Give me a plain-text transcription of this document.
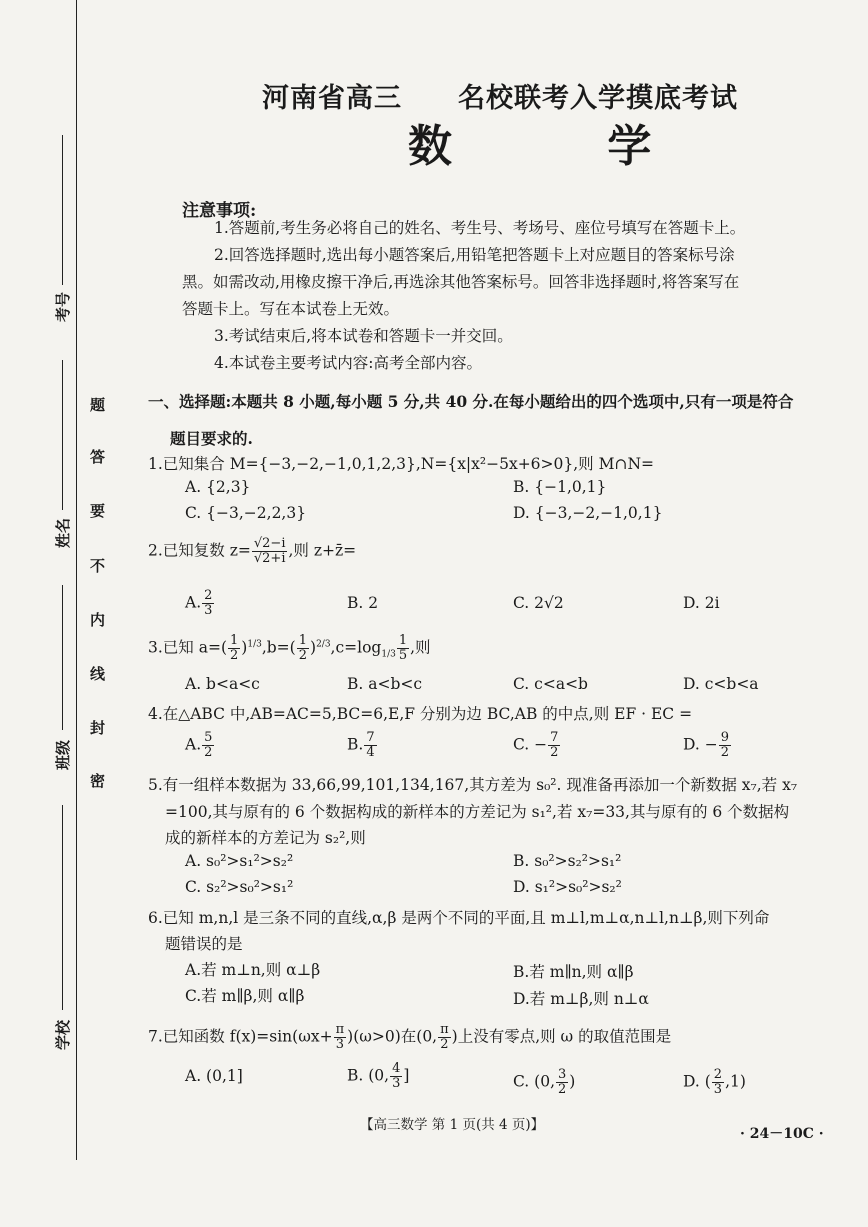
题
答
要
不
内
线
封
密
考号
姓名
班级
学校
河南省高三 名校联考入学摸底考试
数 学
注意事项:
1.答题前,考生务必将自己的姓名、考生号、考场号、座位号填写在答题卡上。
2.回答选择题时,选出每小题答案后,用铅笔把答题卡上对应题目的答案标号涂
黑。如需改动,用橡皮擦干净后,再选涂其他答案标号。回答非选择题时,将答案写在
答题卡上。写在本试卷上无效。
3.考试结束后,将本试卷和答题卡一并交回。
4.本试卷主要考试内容:高考全部内容。
一、选择题:本题共 8 小题,每小题 5 分,共 40 分.在每小题给出的四个选项中,只有一项是符合
题目要求的.
1.已知集合 M={−3,−2,−1,0,1,2,3},N={x|x²−5x+6>0},则 M∩N=
A. {2,3}	B. {−1,0,1}
C. {−3,−2,2,3}	D. {−3,−2,−1,0,1}
2.已知复数 $z= \frac{√2-i}{√2+i}$ ,则 z+z̄=
A. $\frac{2}{3}$	B. 2	C. 2√2	D. 2i
3.已知 $a=( \frac{1}{2} )^{1/3},b=( \frac{1}{2} )^{2/3},c=\log_{1/3} \frac{1}{5}$ ,则
A. b<a<c	B. a<b<c	C. c<a<b	D. c<b<a
4.在△ABC 中,AB=AC=5,BC=6,E,F 分别为边 BC,AB 的中点,则 EF · EC =
A. $\frac{5}{2}$	B. $\frac{7}{4}$	C. − $\frac{7}{2}$	D. − $\frac{9}{2}$
5.有一组样本数据为 33,66,99,101,134,167,其方差为 s₀². 现准备再添加一个新数据 x₇,若 x₇
=100,其与原有的 6 个数据构成的新样本的方差记为 s₁²,若 x₇=33,其与原有的 6 个数据构
成的新样本的方差记为 s₂²,则
A. s₀²>s₁²>s₂²	B. s₀²>s₂²>s₁²
C. s₂²>s₀²>s₁²	D. s₁²>s₀²>s₂²
6.已知 m,n,l 是三条不同的直线,α,β 是两个不同的平面,且 m⊥l,m⊥α,n⊥l,n⊥β,则下列命
题错误的是
A.若 m⊥n,则 α⊥β	B.若 m∥n,则 α∥β
C.若 m∥β,则 α∥β	D.若 m⊥β,则 n⊥α
7.已知函数 $f(x)=\sin(\omega x+ \frac{\pi}{3} )(\omega>0)$在(0, $\frac{\pi}{2}$ )上没有零点,则 ω 的取值范围是
A. (0,1]	B. (0, $\frac{4}{3}$ ]	C. (0, $\frac{3}{2}$ )	D. ( $\frac{2}{3} ,1$)
【高三数学 第 1 页(共 4 页)】
· 24－10C ·
